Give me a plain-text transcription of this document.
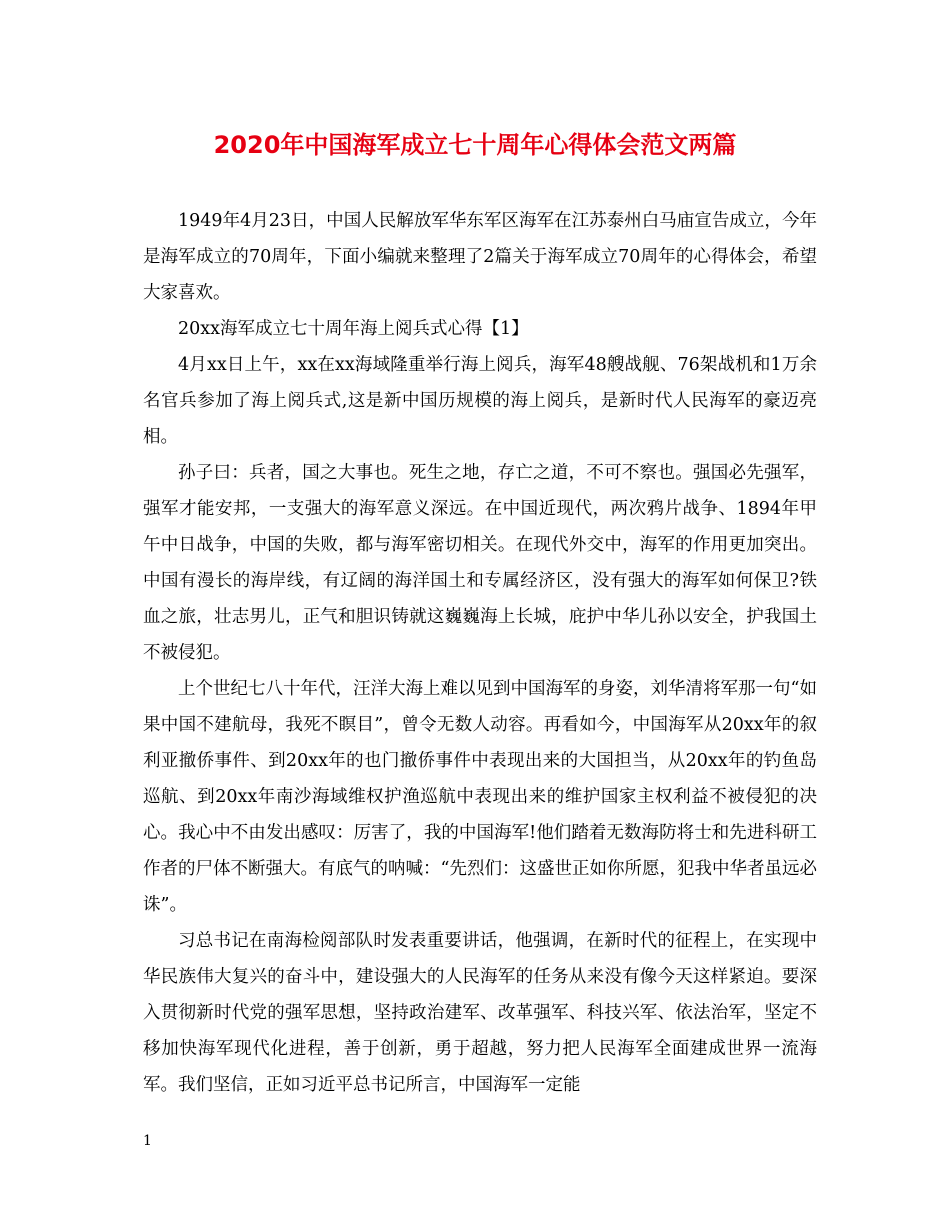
2020年中国海军成立七十周年心得体会范文两篇

1949年4月23日，中国人民解放军华东军区海军在江苏泰州白马庙宣告成立，今年是海军成立的70周年，下面小编就来整理了2篇关于海军成立70周年的心得体会，希望大家喜欢。

20xx海军成立七十周年海上阅兵式心得【1】

4月xx日上午，xx在xx海域隆重举行海上阅兵，海军48艘战舰、76架战机和1万余名官兵参加了海上阅兵式,这是新中国历规模的海上阅兵，是新时代人民海军的豪迈亮相。

孙子曰：兵者，国之大事也。死生之地，存亡之道，不可不察也。强国必先强军，强军才能安邦，一支强大的海军意义深远。在中国近现代，两次鸦片战争、1894年甲午中日战争，中国的失败，都与海军密切相关。在现代外交中，海军的作用更加突出。中国有漫长的海岸线，有辽阔的海洋国土和专属经济区，没有强大的海军如何保卫?铁血之旅，壮志男儿，正气和胆识铸就这巍巍海上长城，庇护中华儿孙以安全，护我国土不被侵犯。

上个世纪七八十年代，汪洋大海上难以见到中国海军的身姿，刘华清将军那一句“如果中国不建航母，我死不瞑目”，曾令无数人动容。再看如今，中国海军从20xx年的叙利亚撤侨事件、到20xx年的也门撤侨事件中表现出来的大国担当，从20xx年的钓鱼岛巡航、到20xx年南沙海域维权护渔巡航中表现出来的维护国家主权利益不被侵犯的决心。我心中不由发出感叹：厉害了，我的中国海军!他们踏着无数海防将士和先进科研工作者的尸体不断强大。有底气的呐喊：“先烈们：这盛世正如你所愿，犯我中华者虽远必诛”。

习总书记在南海检阅部队时发表重要讲话，他强调，在新时代的征程上，在实现中华民族伟大复兴的奋斗中，建设强大的人民海军的任务从来没有像今天这样紧迫。要深入贯彻新时代党的强军思想，坚持政治建军、改革强军、科技兴军、依法治军，坚定不移加快海军现代化进程，善于创新，勇于超越，努力把人民海军全面建成世界一流海军。我们坚信，正如习近平总书记所言，中国海军一定能

1
